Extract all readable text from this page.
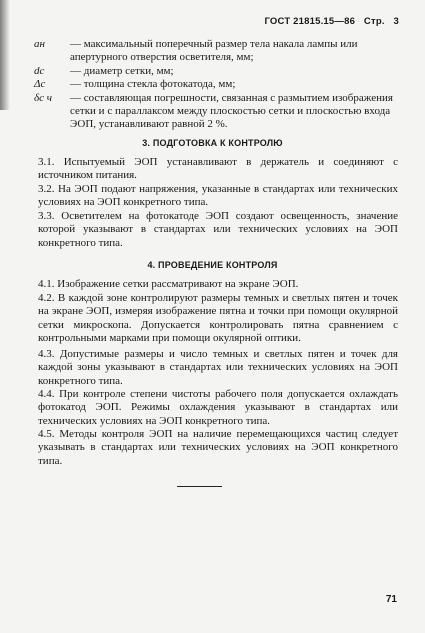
ГОСТ 21815.15—86 Стр. 3
aн — максимальный поперечный размер тела накала лампы или апертурного отверстия осветителя, мм;
dс — диаметр сетки, мм;
Δс — толщина стекла фотокатода, мм;
δс ч — составляющая погрешности, связанная с размытием изображения сетки и с параллаксом между плоскостью сетки и плоскостью входа ЭОП, устанавливают равной 2 %.
3. ПОДГОТОВКА К КОНТРОЛЮ
3.1. Испытуемый ЭОП устанавливают в держатель и соединяют с источником питания.
3.2. На ЭОП подают напряжения, указанные в стандартах или технических условиях на ЭОП конкретного типа.
3.3. Осветителем на фотокатоде ЭОП создают освещенность, значение которой указывают в стандартах или технических условиях на ЭОП конкретного типа.
4. ПРОВЕДЕНИЕ КОНТРОЛЯ
4.1. Изображение сетки рассматривают на экране ЭОП.
4.2. В каждой зоне контролируют размеры темных и светлых пятен и точек на экране ЭОП, измеряя изображение пятна и точки при помощи окулярной сетки микроскопа. Допускается контролировать пятна сравнением с контрольными марками при помощи окулярной оптики.
4.3. Допустимые размеры и число темных и светлых пятен и точек для каждой зоны указывают в стандартах или технических условиях на ЭОП конкретного типа.
4.4. При контроле степени чистоты рабочего поля допускается охлаждать фотокатод ЭОП. Режимы охлаждения указывают в стандартах или технических условиях на ЭОП конкретного типа.
4.5. Методы контроля ЭОП на наличие перемещающихся частиц следует указывать в стандартах или технических условиях на ЭОП конкретного типа.
71
